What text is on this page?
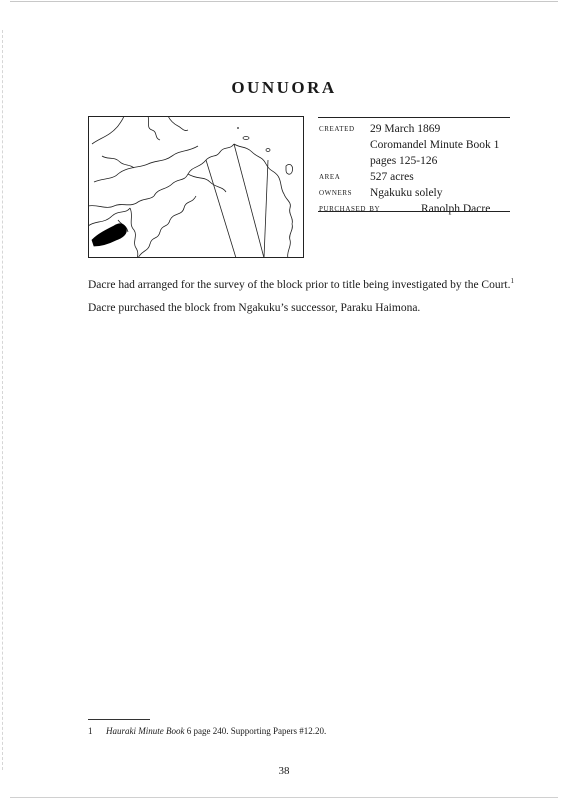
OUNUORA
created	29 March 1869
Coromandel Minute Book 1
pages 125-126
area	527 acres
owners	Ngakuku solely
purchased by	Ranolph Dacre

Dacre had arranged for the survey of the block prior to title being investigated by the Court.$^1$

Dacre purchased the block from Ngakuku’s successor, Paraku Haimona.

1	Hauraki Minute Book 6 page 240. Supporting Papers #12.20.
38
